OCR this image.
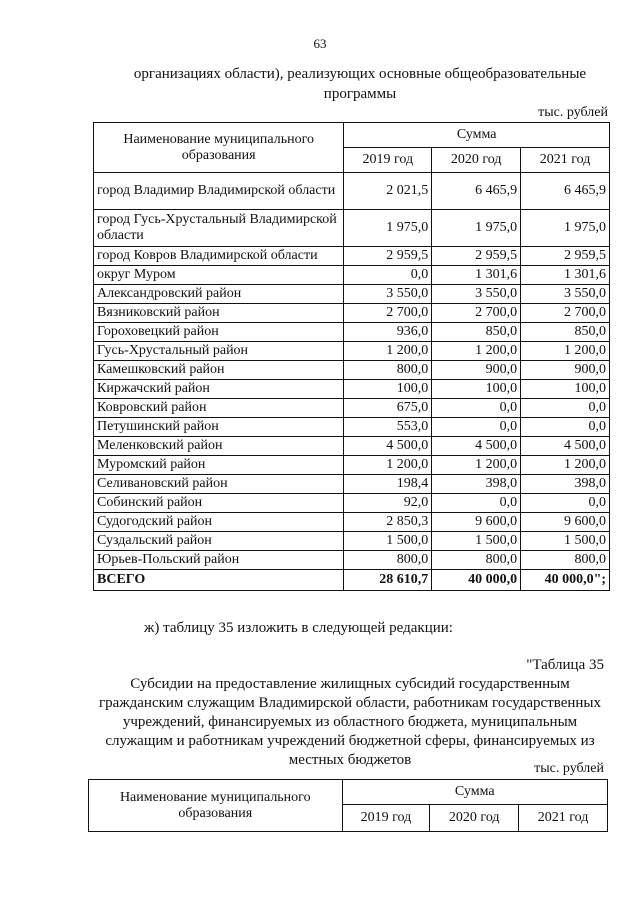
63
организациях области), реализующих основные общеобразовательные программы
тыс. рублей
Наименование муниципального образования	Сумма		
	2019 год	2020 год	2021 год
город Владимир Владимирской области	2 021,5	6 465,9	6 465,9
город Гусь-Хрустальный Владимирской области	1 975,0	1 975,0	1 975,0
город Ковров Владимирской области	2 959,5	2 959,5	2 959,5
округ Муром	0,0	1 301,6	1 301,6
Александровский район	3 550,0	3 550,0	3 550,0
Вязниковский район	2 700,0	2 700,0	2 700,0
Гороховецкий район	936,0	850,0	850,0
Гусь-Хрустальный район	1 200,0	1 200,0	1 200,0
Камешковский район	800,0	900,0	900,0
Киржачский район	100,0	100,0	100,0
Ковровский район	675,0	0,0	0,0
Петушинский район	553,0	0,0	0,0
Меленковский район	4 500,0	4 500,0	4 500,0
Муромский район	1 200,0	1 200,0	1 200,0
Селивановский район	198,4	398,0	398,0
Собинский район	92,0	0,0	0,0
Судогодский район	2 850,3	9 600,0	9 600,0
Суздальский район	1 500,0	1 500,0	1 500,0
Юрьев-Польский район	800,0	800,0	800,0
ВСЕГО	28 610,7	40 000,0	40 000,0";
ж) таблицу 35 изложить в следующей редакции:
"Таблица 35
Субсидии на предоставление жилищных субсидий государственным гражданским служащим Владимирской области, работникам государственных учреждений, финансируемых из областного бюджета, муниципальным служащим и работникам учреждений бюджетной сферы, финансируемых из местных бюджетов
тыс. рублей
Наименование муниципального образования	Сумма		
	2019 год	2020 год	2021 год
